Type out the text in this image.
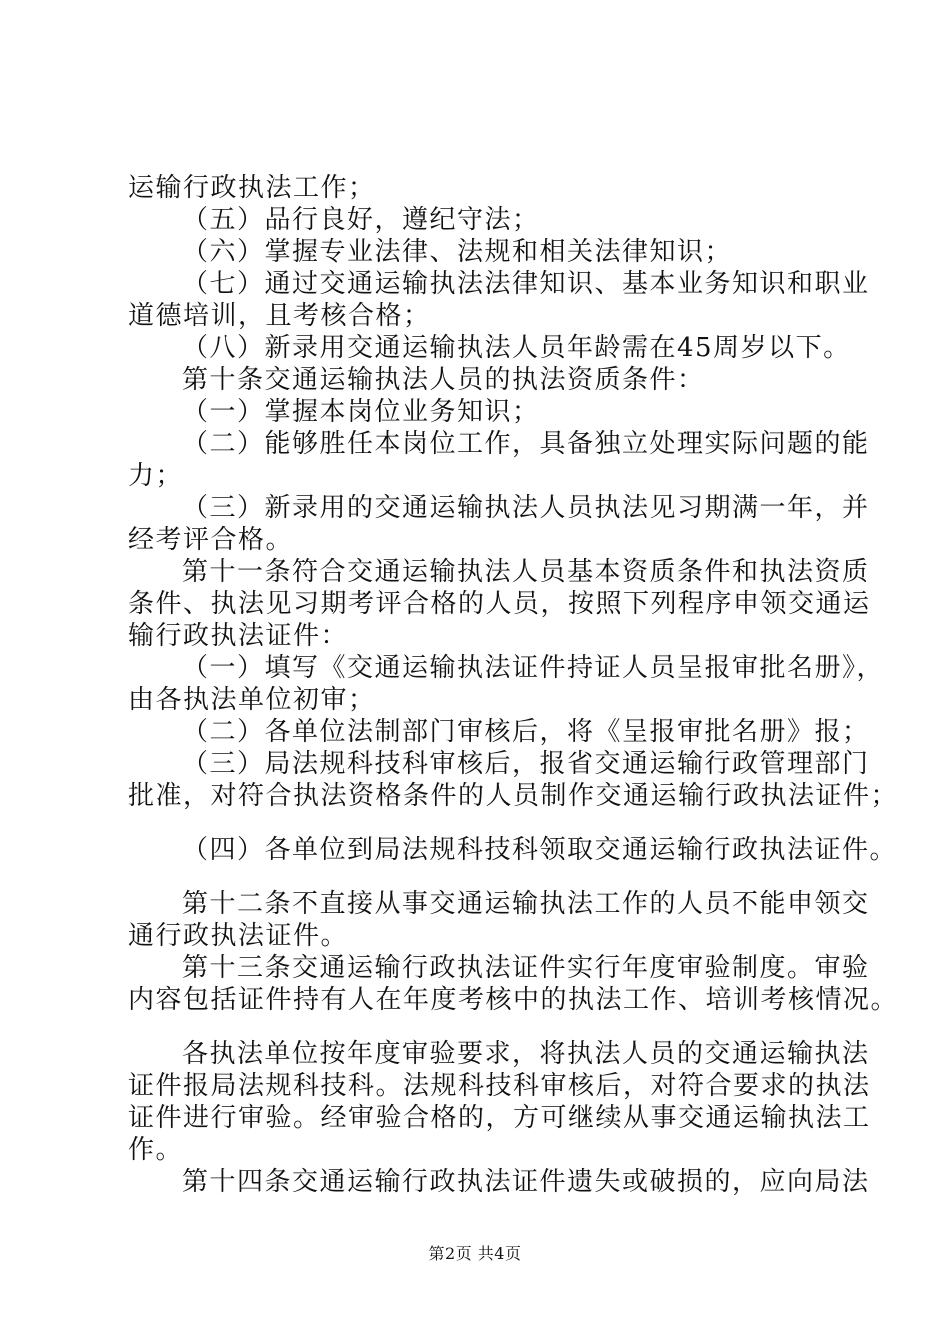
运输行政执法工作；
（五）品行良好，遵纪守法；
（六）掌握专业法律、法规和相关法律知识；
（七）通过交通运输执法法律知识、基本业务知识和职业
道德培训，且考核合格；
（八）新录用交通运输执法人员年龄需在45周岁以下。
第十条交通运输执法人员的执法资质条件：
（一）掌握本岗位业务知识；
（二）能够胜任本岗位工作，具备独立处理实际问题的能
力；
（三）新录用的交通运输执法人员执法见习期满一年，并
经考评合格。
第十一条符合交通运输执法人员基本资质条件和执法资质
条件、执法见习期考评合格的人员，按照下列程序申领交通运
输行政执法证件：
（一）填写《交通运输执法证件持证人员呈报审批名册》，
由各执法单位初审；
（二）各单位法制部门审核后，将《呈报审批名册》报；
（三）局法规科技科审核后，报省交通运输行政管理部门
批准，对符合执法资格条件的人员制作交通运输行政执法证件；
（四）各单位到局法规科技科领取交通运输行政执法证件。
第十二条不直接从事交通运输执法工作的人员不能申领交
通行政执法证件。
第十三条交通运输行政执法证件实行年度审验制度。审验
内容包括证件持有人在年度考核中的执法工作、培训考核情况。
各执法单位按年度审验要求，将执法人员的交通运输执法
证件报局法规科技科。法规科技科审核后，对符合要求的执法
证件进行审验。经审验合格的，方可继续从事交通运输执法工
作。
第十四条交通运输行政执法证件遗失或破损的，应向局法
第2页 共4页
